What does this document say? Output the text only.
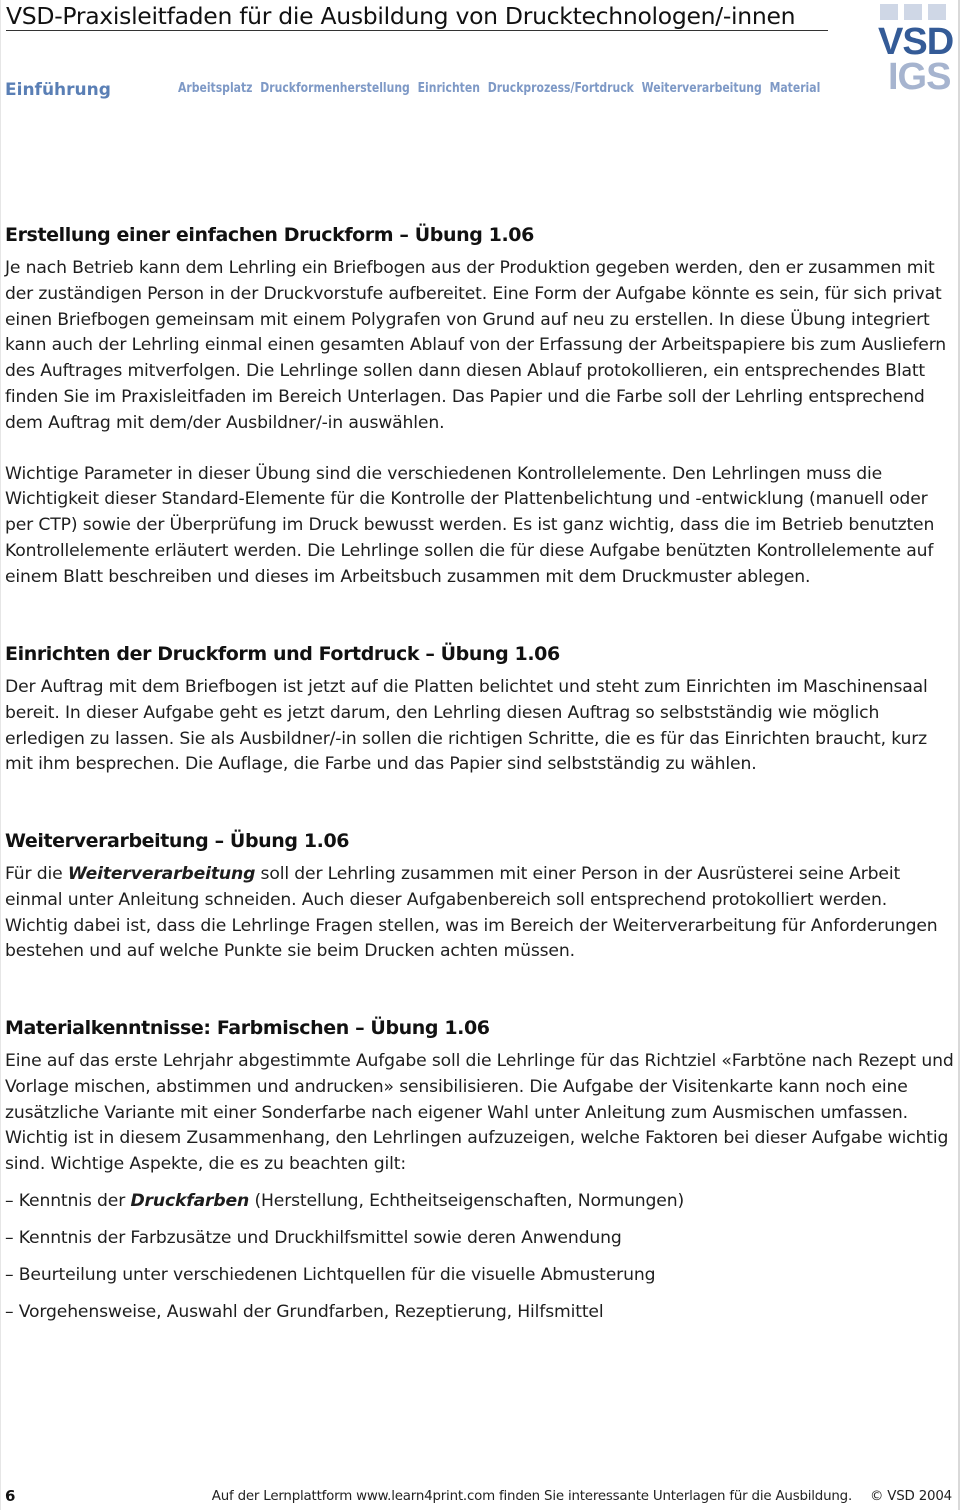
VSD-Praxisleitfaden für die Ausbildung von Drucktechnologen/-innen
VSD
IGS
Einführung	Arbeitsplatz Druckformenherstellung Einrichten Druckprozess/Fortdruck Weiterverarbeitung Material
Erstellung einer einfachen Druckform – Übung 1.06

Je nach Betrieb kann dem Lehrling ein Briefbogen aus der Produktion gegeben werden, den er zusammen mit der zuständigen Person in der Druckvorstufe aufbereitet. Eine Form der Aufgabe könnte es sein, für sich privat einen Briefbogen gemeinsam mit einem Polygrafen von Grund auf neu zu erstellen. In diese Übung integriert kann auch der Lehrling einmal einen gesamten Ablauf von der Erfassung der Arbeitspapiere bis zum Ausliefern des Auftrages mitverfolgen. Die Lehrlinge sollen dann diesen Ablauf protokollieren, ein entsprechendes Blatt finden Sie im Praxisleitfaden im Bereich Unterlagen. Das Papier und die Farbe soll der Lehrling entsprechend dem Auftrag mit dem/der Ausbildner/-in auswählen.

Wichtige Parameter in dieser Übung sind die verschiedenen Kontrollelemente. Den Lehrlingen muss die Wichtigkeit dieser Standard-Elemente für die Kontrolle der Plattenbelichtung und -entwicklung (manuell oder per CTP) sowie der Überprüfung im Druck bewusst werden. Es ist ganz wichtig, dass die im Betrieb benutzten Kontrollelemente erläutert werden. Die Lehrlinge sollen die für diese Aufgabe benützten Kontrollelemente auf einem Blatt beschreiben und dieses im Arbeitsbuch zusammen mit dem Druckmuster ablegen.

Einrichten der Druckform und Fortdruck – Übung 1.06

Der Auftrag mit dem Briefbogen ist jetzt auf die Platten belichtet und steht zum Einrichten im Maschinensaal bereit. In dieser Aufgabe geht es jetzt darum, den Lehrling diesen Auftrag so selbstständig wie möglich erledigen zu lassen. Sie als Ausbildner/-in sollen die richtigen Schritte, die es für das Einrichten braucht, kurz mit ihm besprechen. Die Auflage, die Farbe und das Papier sind selbstständig zu wählen.

Weiterverarbeitung – Übung 1.06

Für die Weiterverarbeitung soll der Lehrling zusammen mit einer Person in der Ausrüsterei seine Arbeit einmal unter Anleitung schneiden. Auch dieser Aufgabenbereich soll entsprechend protokolliert werden. Wichtig dabei ist, dass die Lehrlinge Fragen stellen, was im Bereich der Weiterverarbeitung für Anforderungen bestehen und auf welche Punkte sie beim Drucken achten müssen.

Materialkenntnisse: Farbmischen – Übung 1.06

Eine auf das erste Lehrjahr abgestimmte Aufgabe soll die Lehrlinge für das Richtziel «Farbtöne nach Rezept und Vorlage mischen, abstimmen und andrucken» sensibilisieren. Die Aufgabe der Visitenkarte kann noch eine zusätzliche Variante mit einer Sonderfarbe nach eigener Wahl unter Anleitung zum Ausmischen umfassen. Wichtig ist in diesem Zusammenhang, den Lehrlingen aufzuzeigen, welche Faktoren bei dieser Aufgabe wichtig sind. Wichtige Aspekte, die es zu beachten gilt:

– Kenntnis der Druckfarben (Herstellung, Echtheitseigenschaften, Normungen)
– Kenntnis der Farbzusätze und Druckhilfsmittel sowie deren Anwendung
– Beurteilung unter verschiedenen Lichtquellen für die visuelle Abmusterung
– Vorgehensweise, Auswahl der Grundfarben, Rezeptierung, Hilfsmittel
6	Auf der Lernplattform www.learn4print.com finden Sie interessante Unterlagen für die Ausbildung. © VSD 2004
